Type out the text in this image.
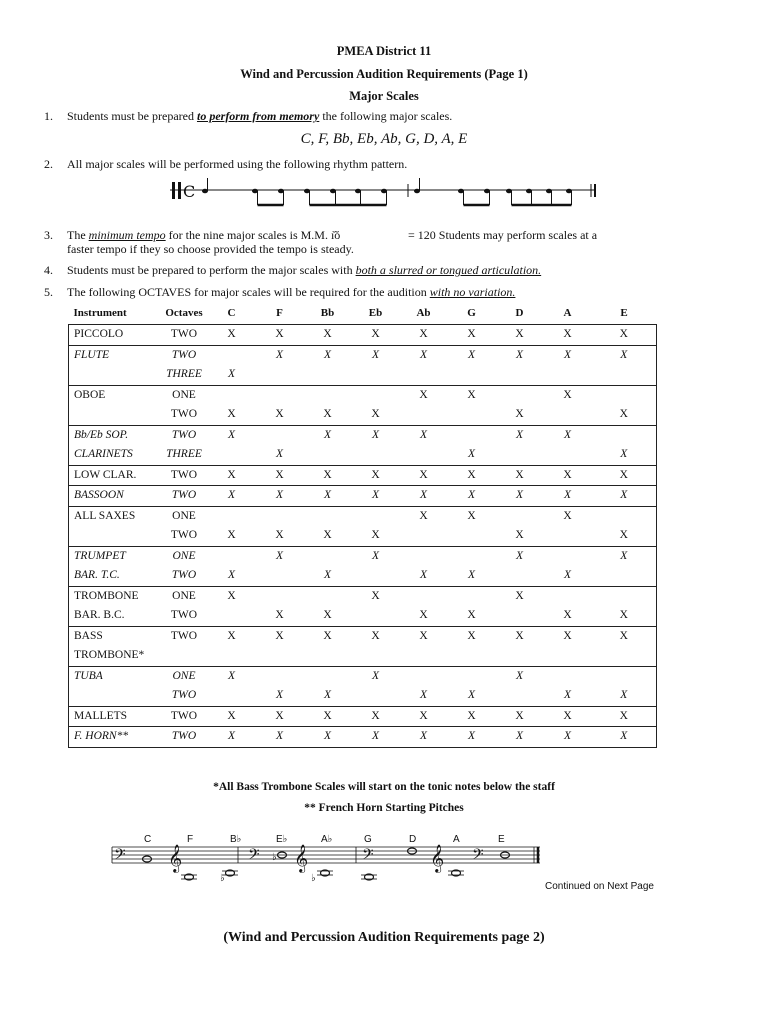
PMEA District 11
Wind and Percussion Audition Requirements (Page 1)
Major Scales
1. Students must be prepared to perform from memory the following major scales.
C, F, Bb, Eb, Ab, G, D, A, E
2. All major scales will be performed using the following rhythm pattern.
C
3. The minimum tempo for the nine major scales is M.M. ı̆ŏ	= 120 Students may perform scales at a
faster tempo if they so choose provided the tempo is steady.
4. Students must be prepared to perform the major scales with both a slurred or tongued articulation.
5. The following OCTAVES for major scales will be required for the audition with no variation.
Instrument	Octaves	C	F	Bb	Eb	Ab	G	D	A	E
PICCOLO	TWO	X	X	X	X	X	X	X	X	X
FLUTE	TWO		X	X	X	X	X	X	X	X
	THREE	X								
OBOE	ONE					X	X		X	
	TWO	X	X	X	X			X		X
Bb/Eb SOP.	TWO	X		X	X	X		X	X	
CLARINETS	THREE		X				X			X
LOW CLAR.	TWO	X	X	X	X	X	X	X	X	X
BASSOON	TWO	X	X	X	X	X	X	X	X	X
ALL SAXES	ONE					X	X		X	
	TWO	X	X	X	X			X		X
TRUMPET	ONE		X		X			X		X
BAR. T.C.	TWO	X		X		X	X		X	
TROMBONE	ONE	X			X			X		
BAR. B.C.	TWO		X	X		X	X		X	X
BASS	TWO	X	X	X	X	X	X	X	X	X
TROMBONE*										
TUBA	ONE	X			X			X		
	TWO		X	X		X	X		X	X
MALLETS	TWO	X	X	X	X	X	X	X	X	X
F. HORN**	TWO	X	X	X	X	X	X	X	X	X
*All Bass Trombone Scales will start on the tonic notes below the staff
** French Horn Starting Pitches
C	F	B♭	E♭	A♭	G	D	A	E
𝄢 𝄞	𝄢 𝄞	𝄢 𝄞 𝄢
♭
♭	♭
Continued on Next Page
(Wind and Percussion Audition Requirements page 2)
